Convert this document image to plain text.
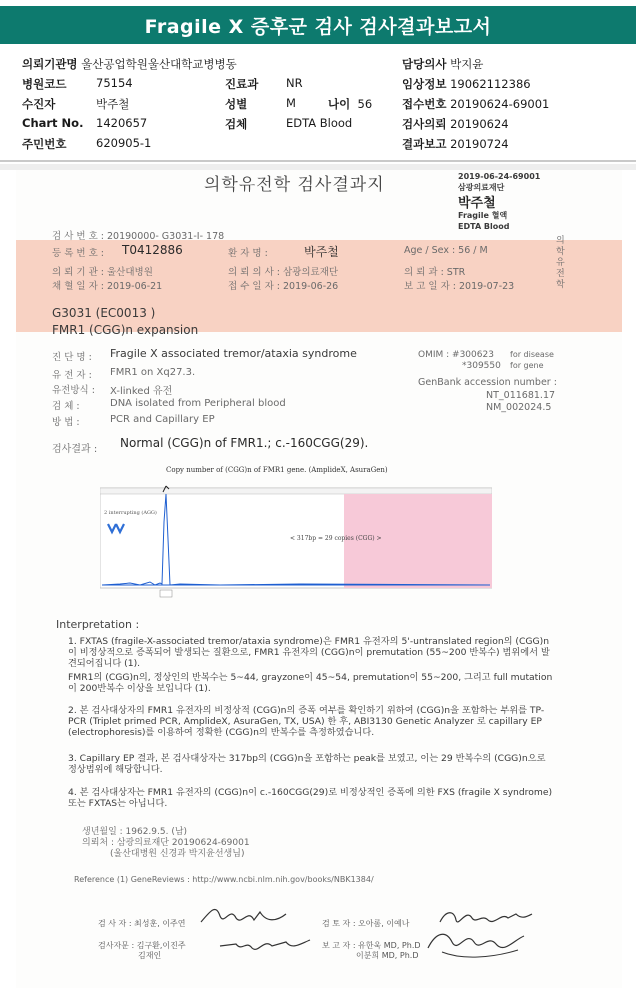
Fragile X 증후군 검사 검사결과보고서
의뢰기관명 울산공업학원울산대학교병병동	담당의사 박지윤
병원코드	75154	진료과 NR	임상정보 19062112386
수진자	박주철	성별	M	나이 56	접수번호 20190624-69001
Chart No. 1420657	검체	EDTA Blood	검사의뢰 20190624
주민번호	620905-1	결과보고 20190724
의학유전학 검사결과지	2019-06-24-69001
삼광의료재단
박주철
Fragile 혈액
EDTA Blood
검 사 번 호 : 20190000- G3031-I- 178
등 록 번 호 : T0412886	환 자 명 :	박주철	Age / Sex : 56 / M
의학유전학
의 뢰 기 관 : 울산대병원	의 뢰 의 사 : 삼광의료재단	의 뢰 과 : STR
채 혈 일 자 : 2019-06-21	접 수 일 자 : 2019-06-26	보 고 일 자 : 2019-07-23
G3031 (EC0013 )
FMR1 (CGG)n expansion
진 단 명 : Fragile X associated tremor/ataxia syndrome	OMIM : #300623 for disease
*309550 for gene
유 전 자 : FMR1 on Xq27.3.
유전방식 : X-linked 유전
GenBank accession number :
NT_011681.17
NM_002024.5
검 체 :	DNA isolated from Peripheral blood
방 법 :	PCR and Capillary EP
검사결과 : Normal (CGG)n of FMR1.; c.-160CGG(29).
Copy number of (CGG)n of FMR1 gene. (AmplideX, AsuraGen)
2 interrupting (AGG)
< 317bp = 29 copies (CGG) >
Interpretation :
1. FXTAS (fragile-X-associated tremor/ataxia syndrome)은 FMR1 유전자의 5'-untranslated region의 (CGG)n 이 비정상적으로 증폭되어 발생되는 질환으로, FMR1 유전자의 (CGG)n이 premutation (55~200 반복수) 범위에서 발견되어집니다 (1).
FMR1의 (CGG)n의, 정상인의 반복수는 5~44, grayzone이 45~54, premutation이 55~200, 그리고 full mutation이 200반복수 이상을 보입니다 (1).
2. 본 검사대상자의 FMR1 유전자의 비정상적 (CGG)n의 증폭 여부를 확인하기 위하여 (CGG)n을 포함하는 부위를 TP-PCR (Triplet primed PCR, AmplideX, AsuraGen, TX, USA) 한 후, ABI3130 Genetic Analyzer 로 capillary EP (electrophoresis)를 이용하여 정확한 (CGG)n의 반복수를 측정하였습니다.
3. Capillary EP 결과, 본 검사대상자는 317bp의 (CGG)n을 포함하는 peak를 보였고, 이는 29 반복수의 (CGG)n으로 정상범위에 해당합니다.
4. 본 검사대상자는 FMR1 유전자의 (CGG)n이 c.-160CGG(29)로 비정상적인 증폭에 의한 FXS (fragile X syndrome) 또는 FXTAS는 아닙니다.
생년월일 : 1962.9.5. (남)
의뢰처 : 삼광의료재단 20190624-69001
(울산대병원 신경과 박지윤선생님)
Reference (1) GeneReviews : http://www.ncbi.nlm.nih.gov/books/NBK1384/
검 사 자 : 최성훈, 이주연	검 토 자 : 오아롬, 이예나
검사자문 : 김구환,이진주
김재인
보 고 자 : 유한욱 MD, Ph.D
이분희 MD, Ph.D
